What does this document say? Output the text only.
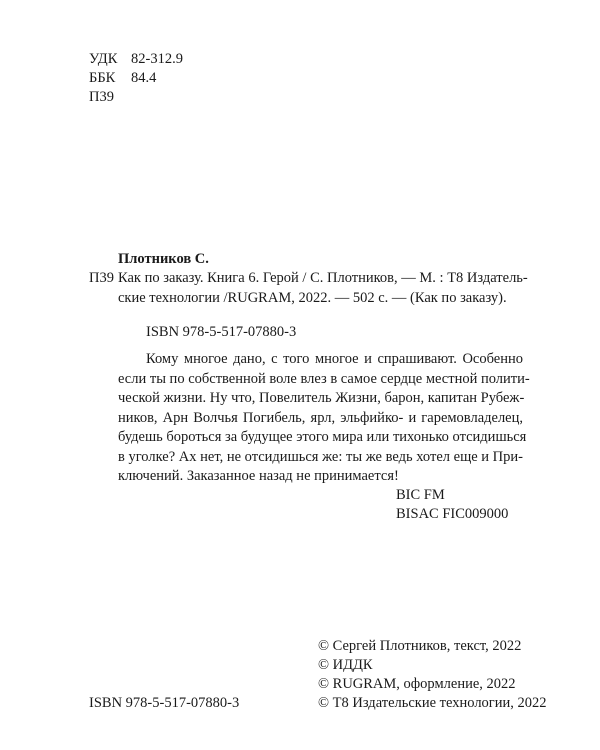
УДК 82-312.9
ББК	84.4
П39
Плотников С.
П39 Как по заказу. Книга 6. Герой / С. Плотников, — М. : Т8 Издатель-
ские технологии /RUGRAM, 2022. — 502 с. — (Как по заказу).
ISBN 978-5-517-07880-3
Кому многое дано, с того многое и спрашивают. Особенно
если ты по собственной воле влез в самое сердце местной полити-
ческой жизни. Ну что, Повелитель Жизни, барон, капитан Рубеж-
ников, Арн Волчья Погибель, ярл, эльфийко- и гаремовладелец,
будешь бороться за будущее этого мира или тихонько отсидишься
в уголке? Ах нет, не отсидишься же: ты же ведь хотел еще и При-
ключений. Заказанное назад не принимается!
BIC FM
BISAC FIC009000
ISBN 978-5-517-07880-3
© Сергей Плотников, текст, 2022
© ИДДК
© RUGRAM, оформление, 2022
© Т8 Издательские технологии, 2022
